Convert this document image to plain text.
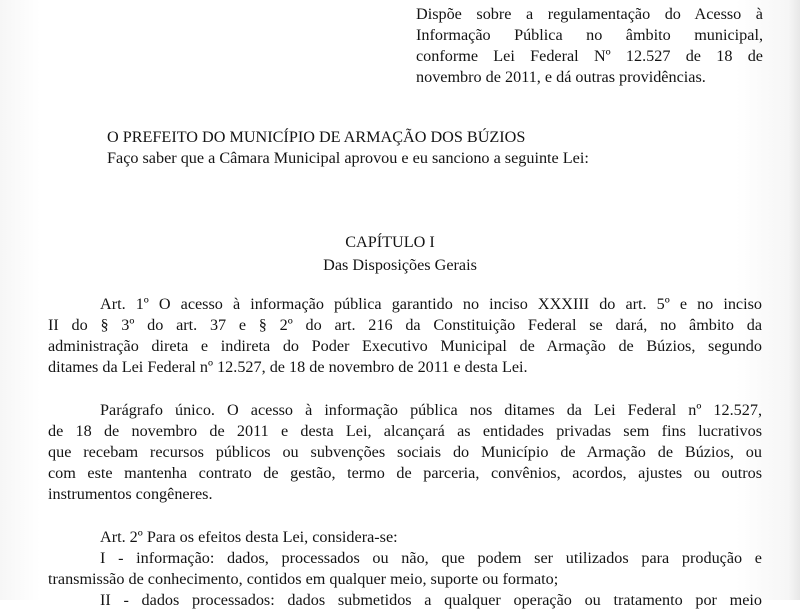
Dispõe sobre a regulamentação do Acesso à
Informação Pública no âmbito municipal,
conforme Lei Federal Nº 12.527 de 18 de
novembro de 2011, e dá outras providências.
O PREFEITO DO MUNICÍPIO DE ARMAÇÃO DOS BÚZIOS
Faço saber que a Câmara Municipal aprovou e eu sanciono a seguinte Lei:
CAPÍTULO I
Das Disposições Gerais
Art. 1º O acesso à informação pública garantido no inciso XXXIII do art. 5º e no inciso
II do § 3º do art. 37 e § 2º do art. 216 da Constituição Federal se dará, no âmbito da
administração direta e indireta do Poder Executivo Municipal de Armação de Búzios, segundo
ditames da Lei Federal nº 12.527, de 18 de novembro de 2011 e desta Lei.
Parágrafo único. O acesso à informação pública nos ditames da Lei Federal nº 12.527,
de 18 de novembro de 2011 e desta Lei, alcançará as entidades privadas sem fins lucrativos
que recebam recursos públicos ou subvenções sociais do Município de Armação de Búzios, ou
com este mantenha contrato de gestão, termo de parceria, convênios, acordos, ajustes ou outros
instrumentos congêneres.
Art. 2º Para os efeitos desta Lei, considera-se:
I - informação: dados, processados ou não, que podem ser utilizados para produção e
transmissão de conhecimento, contidos em qualquer meio, suporte ou formato;
II - dados processados: dados submetidos a qualquer operação ou tratamento por meio
